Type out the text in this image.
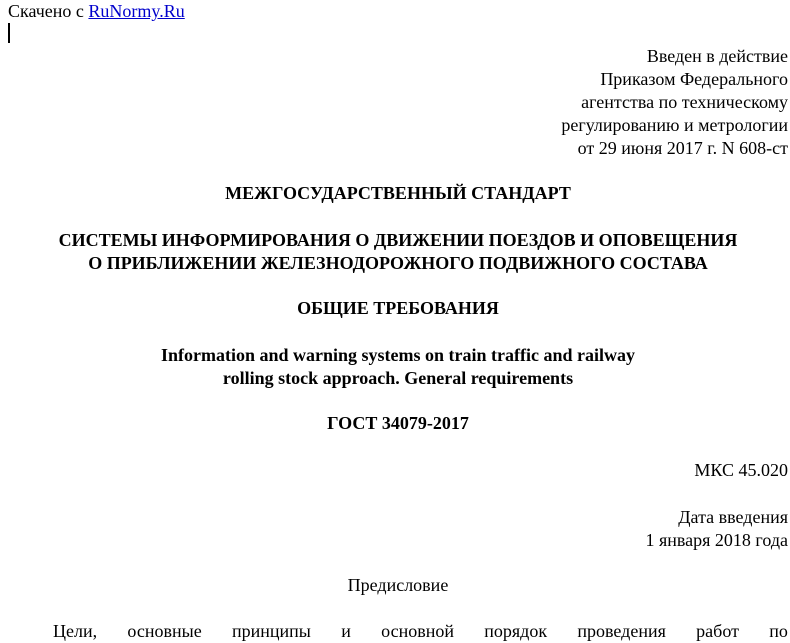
Скачено с RuNormy.Ru
Введен в действие
Приказом Федерального
агентства по техническому
регулированию и метрологии
от 29 июня 2017 г. N 608-ст
МЕЖГОСУДАРСТВЕННЫЙ СТАНДАРТ
СИСТЕМЫ ИНФОРМИРОВАНИЯ О ДВИЖЕНИИ ПОЕЗДОВ И ОПОВЕЩЕНИЯ
О ПРИБЛИЖЕНИИ ЖЕЛЕЗНОДОРОЖНОГО ПОДВИЖНОГО СОСТАВА
ОБЩИЕ ТРЕБОВАНИЯ
Information and warning systems on train traffic and railway
rolling stock approach. General requirements
ГОСТ 34079-2017
МКС 45.020
Дата введения
1 января 2018 года
Предисловие
Цели, основные принципы и основной порядок проведения работ по
